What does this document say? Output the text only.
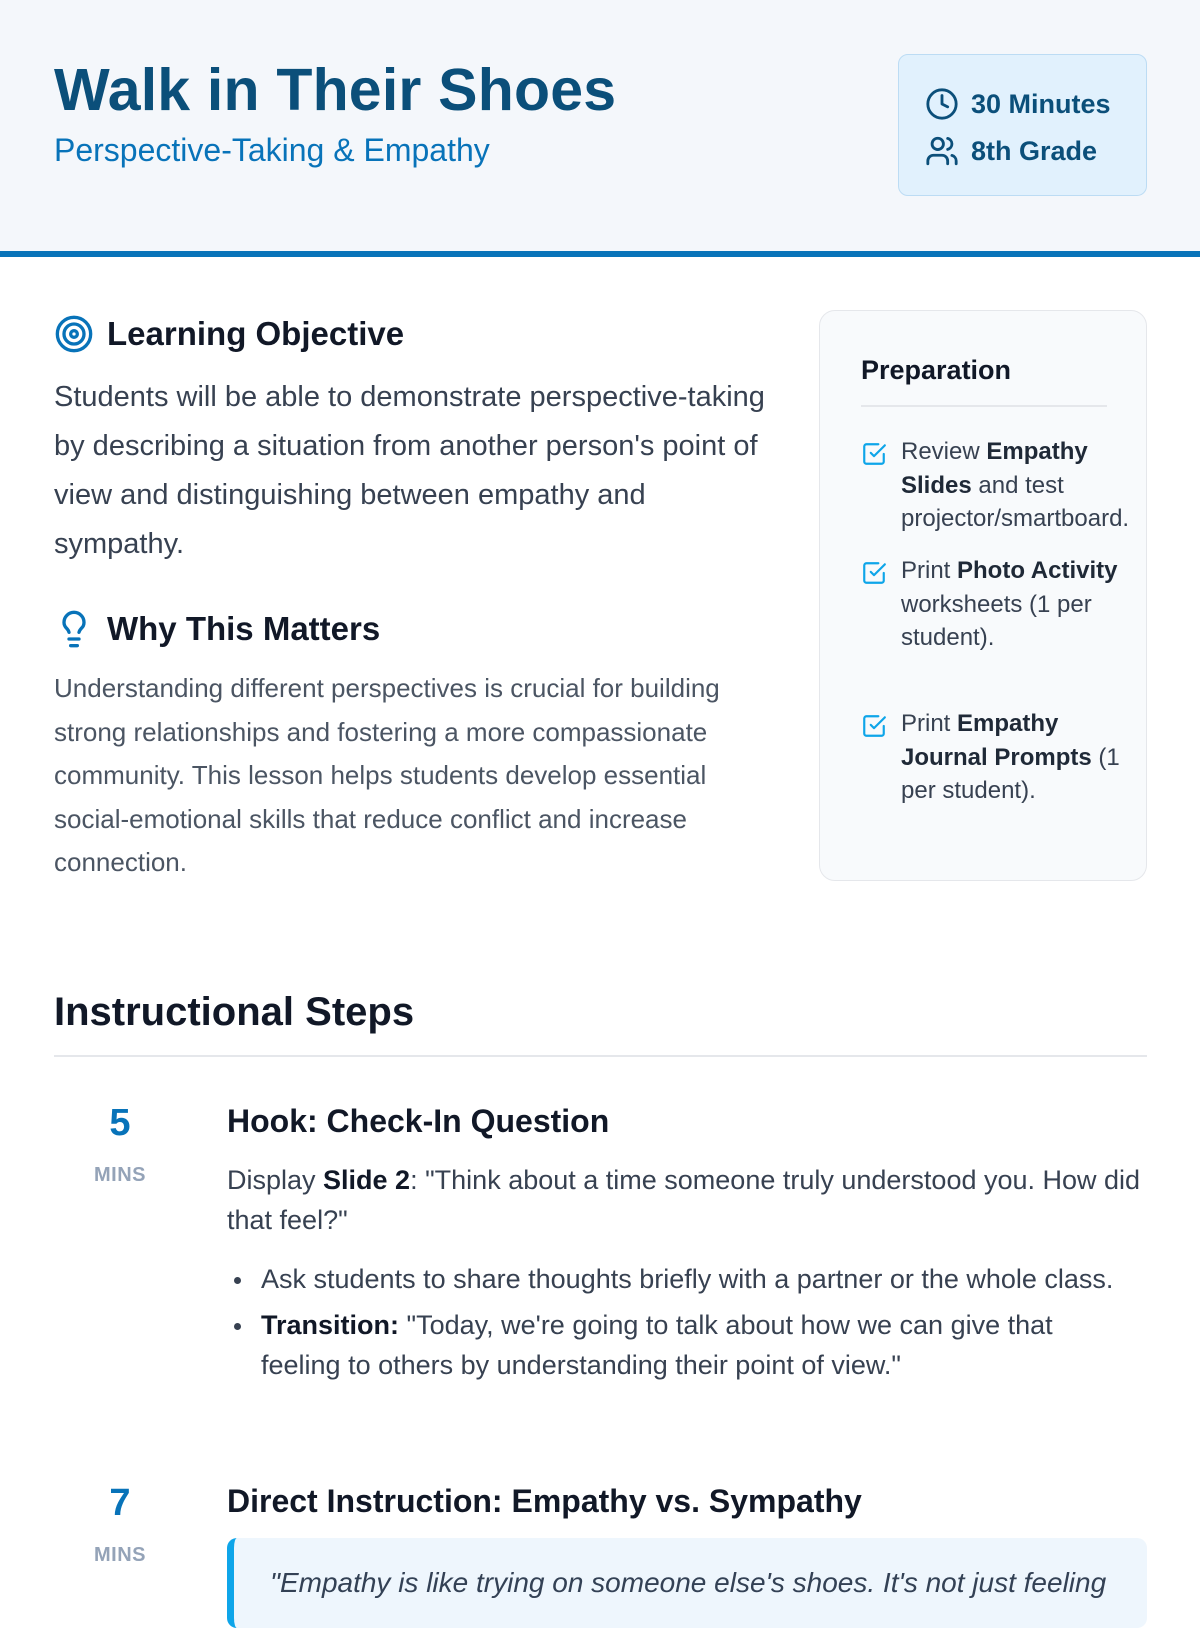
Walk in Their Shoes

Perspective-Taking & Empathy

30 Minutes
8th Grade
Learning Objective

Students will be able to demonstrate perspective-taking by describing a situation from another person's point of view and distinguishing between empathy and sympathy.

Why This Matters

Understanding different perspectives is crucial for building strong relationships and fostering a more compassionate community. This lesson helps students develop essential social-emotional skills that reduce conflict and increase connection.

Preparation
Review Empathy Slides and test projector/smartboard.
Print Photo Activity worksheets (1 per student).
Print Empathy Journal Prompts (1 per student).
Instructional Steps
5
MINS
Hook: Check-In Question

Display Slide 2: "Think about a time someone truly understood you. How did that feel?"

Ask students to share thoughts briefly with a partner or the whole class.
Transition: "Today, we're going to talk about how we can give that feeling to others by understanding their point of view."
7
MINS
Direct Instruction: Empathy vs. Sympathy

"Empathy is like trying on someone else's shoes. It's not just feeling
